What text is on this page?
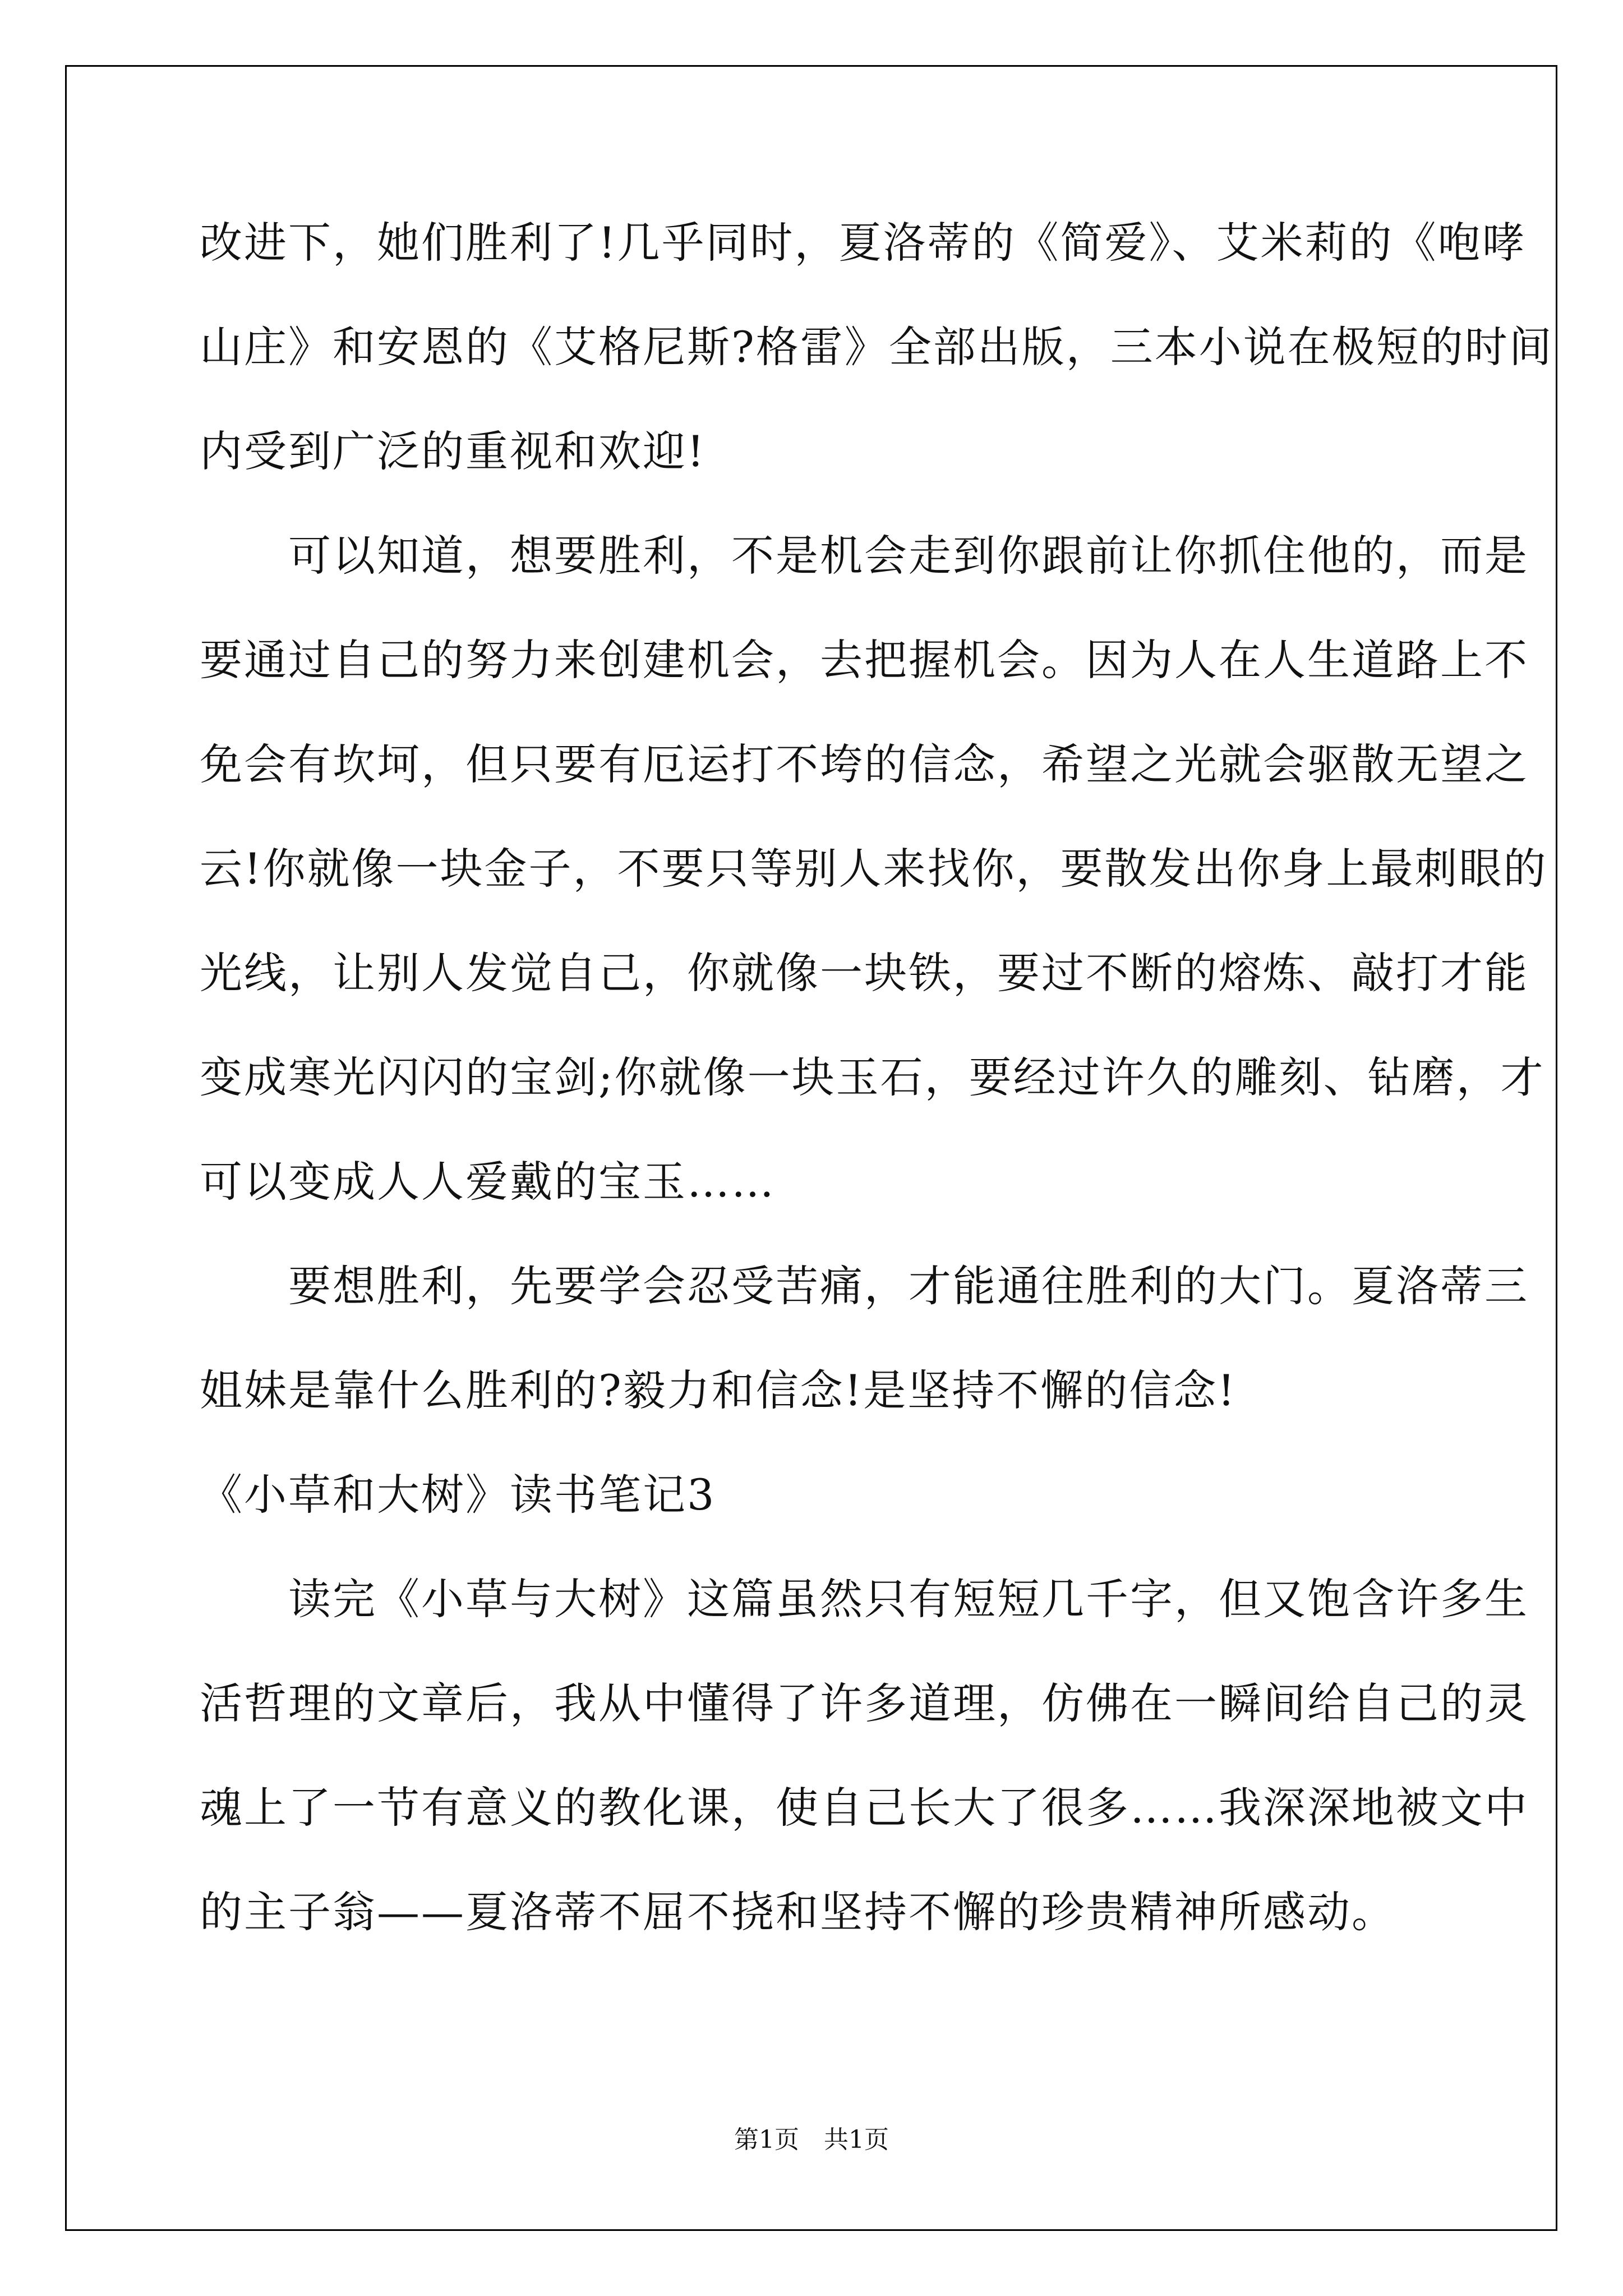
改进下，她们胜利了!几乎同时，夏洛蒂的《简爱》、艾米莉的《咆哮
山庄》和安恩的《艾格尼斯?格雷》全部出版，三本小说在极短的时间
内受到广泛的重视和欢迎!
　　可以知道，想要胜利，不是机会走到你跟前让你抓住他的，而是
要通过自己的努力来创建机会，去把握机会。因为人在人生道路上不
免会有坎坷，但只要有厄运打不垮的信念，希望之光就会驱散无望之
云!你就像一块金子，不要只等别人来找你，要散发出你身上最刺眼的
光线，让别人发觉自己，你就像一块铁，要过不断的熔炼、敲打才能
变成寒光闪闪的宝剑;你就像一块玉石，要经过许久的雕刻、钻磨，才
可以变成人人爱戴的宝玉……
　　要想胜利，先要学会忍受苦痛，才能通往胜利的大门。夏洛蒂三
姐妹是靠什么胜利的?毅力和信念!是坚持不懈的信念!
《小草和大树》读书笔记3
　　读完《小草与大树》这篇虽然只有短短几千字，但又饱含许多生
活哲理的文章后，我从中懂得了许多道理，仿佛在一瞬间给自己的灵
魂上了一节有意义的教化课，使自己长大了很多……我深深地被文中
的主子翁——夏洛蒂不屈不挠和坚持不懈的珍贵精神所感动。
第1页　共1页
